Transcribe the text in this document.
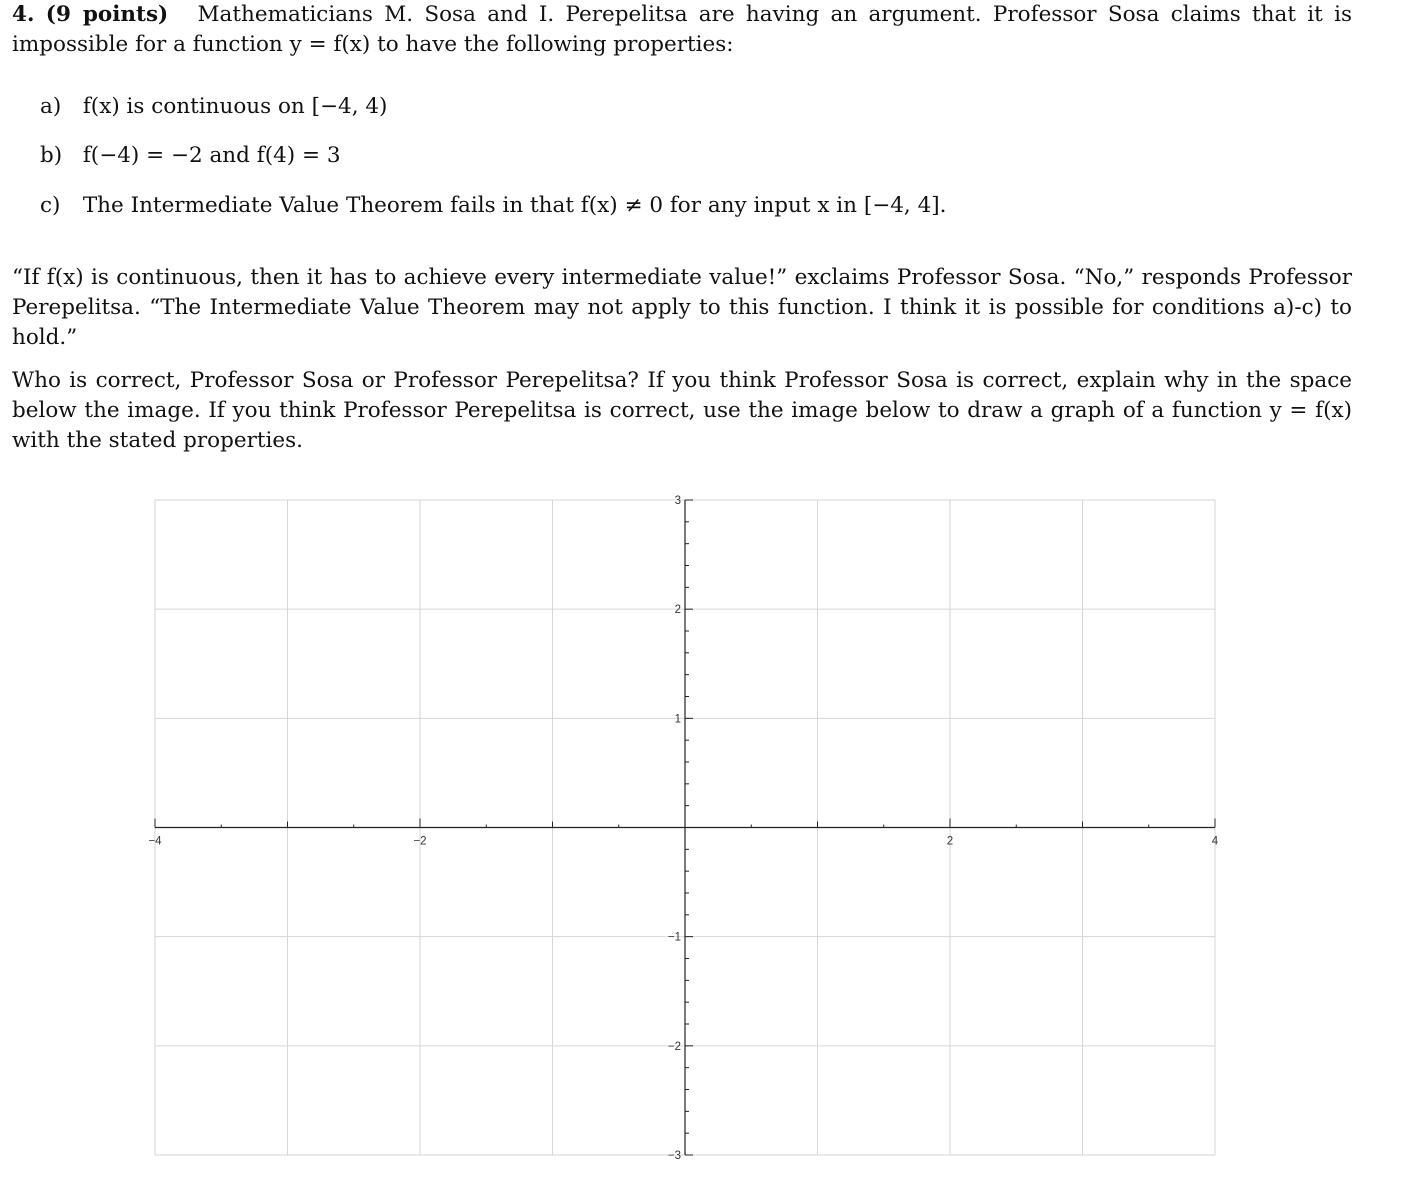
4. (9 points) Mathematicians M. Sosa and I. Perepelitsa are having an argument. Professor Sosa claims that it is impossible for a function y = f(x) to have the following properties:
a) f(x) is continuous on [−4, 4)
b) f(−4) = −2 and f(4) = 3
c) The Intermediate Value Theorem fails in that f(x) ≠ 0 for any input x in [−4, 4].
“If f(x) is continuous, then it has to achieve every intermediate value!” exclaims Professor Sosa. “No,” responds Professor Perepelitsa. “The Intermediate Value Theorem may not apply to this function. I think it is possible for conditions a)-c) to hold.”
Who is correct, Professor Sosa or Professor Perepelitsa? If you think Professor Sosa is correct, explain why in the space below the image. If you think Professor Perepelitsa is correct, use the image below to draw a graph of a function y = f(x) with the stated properties.
−4	−2	2	4
3
2
1
−1
−2
−3
